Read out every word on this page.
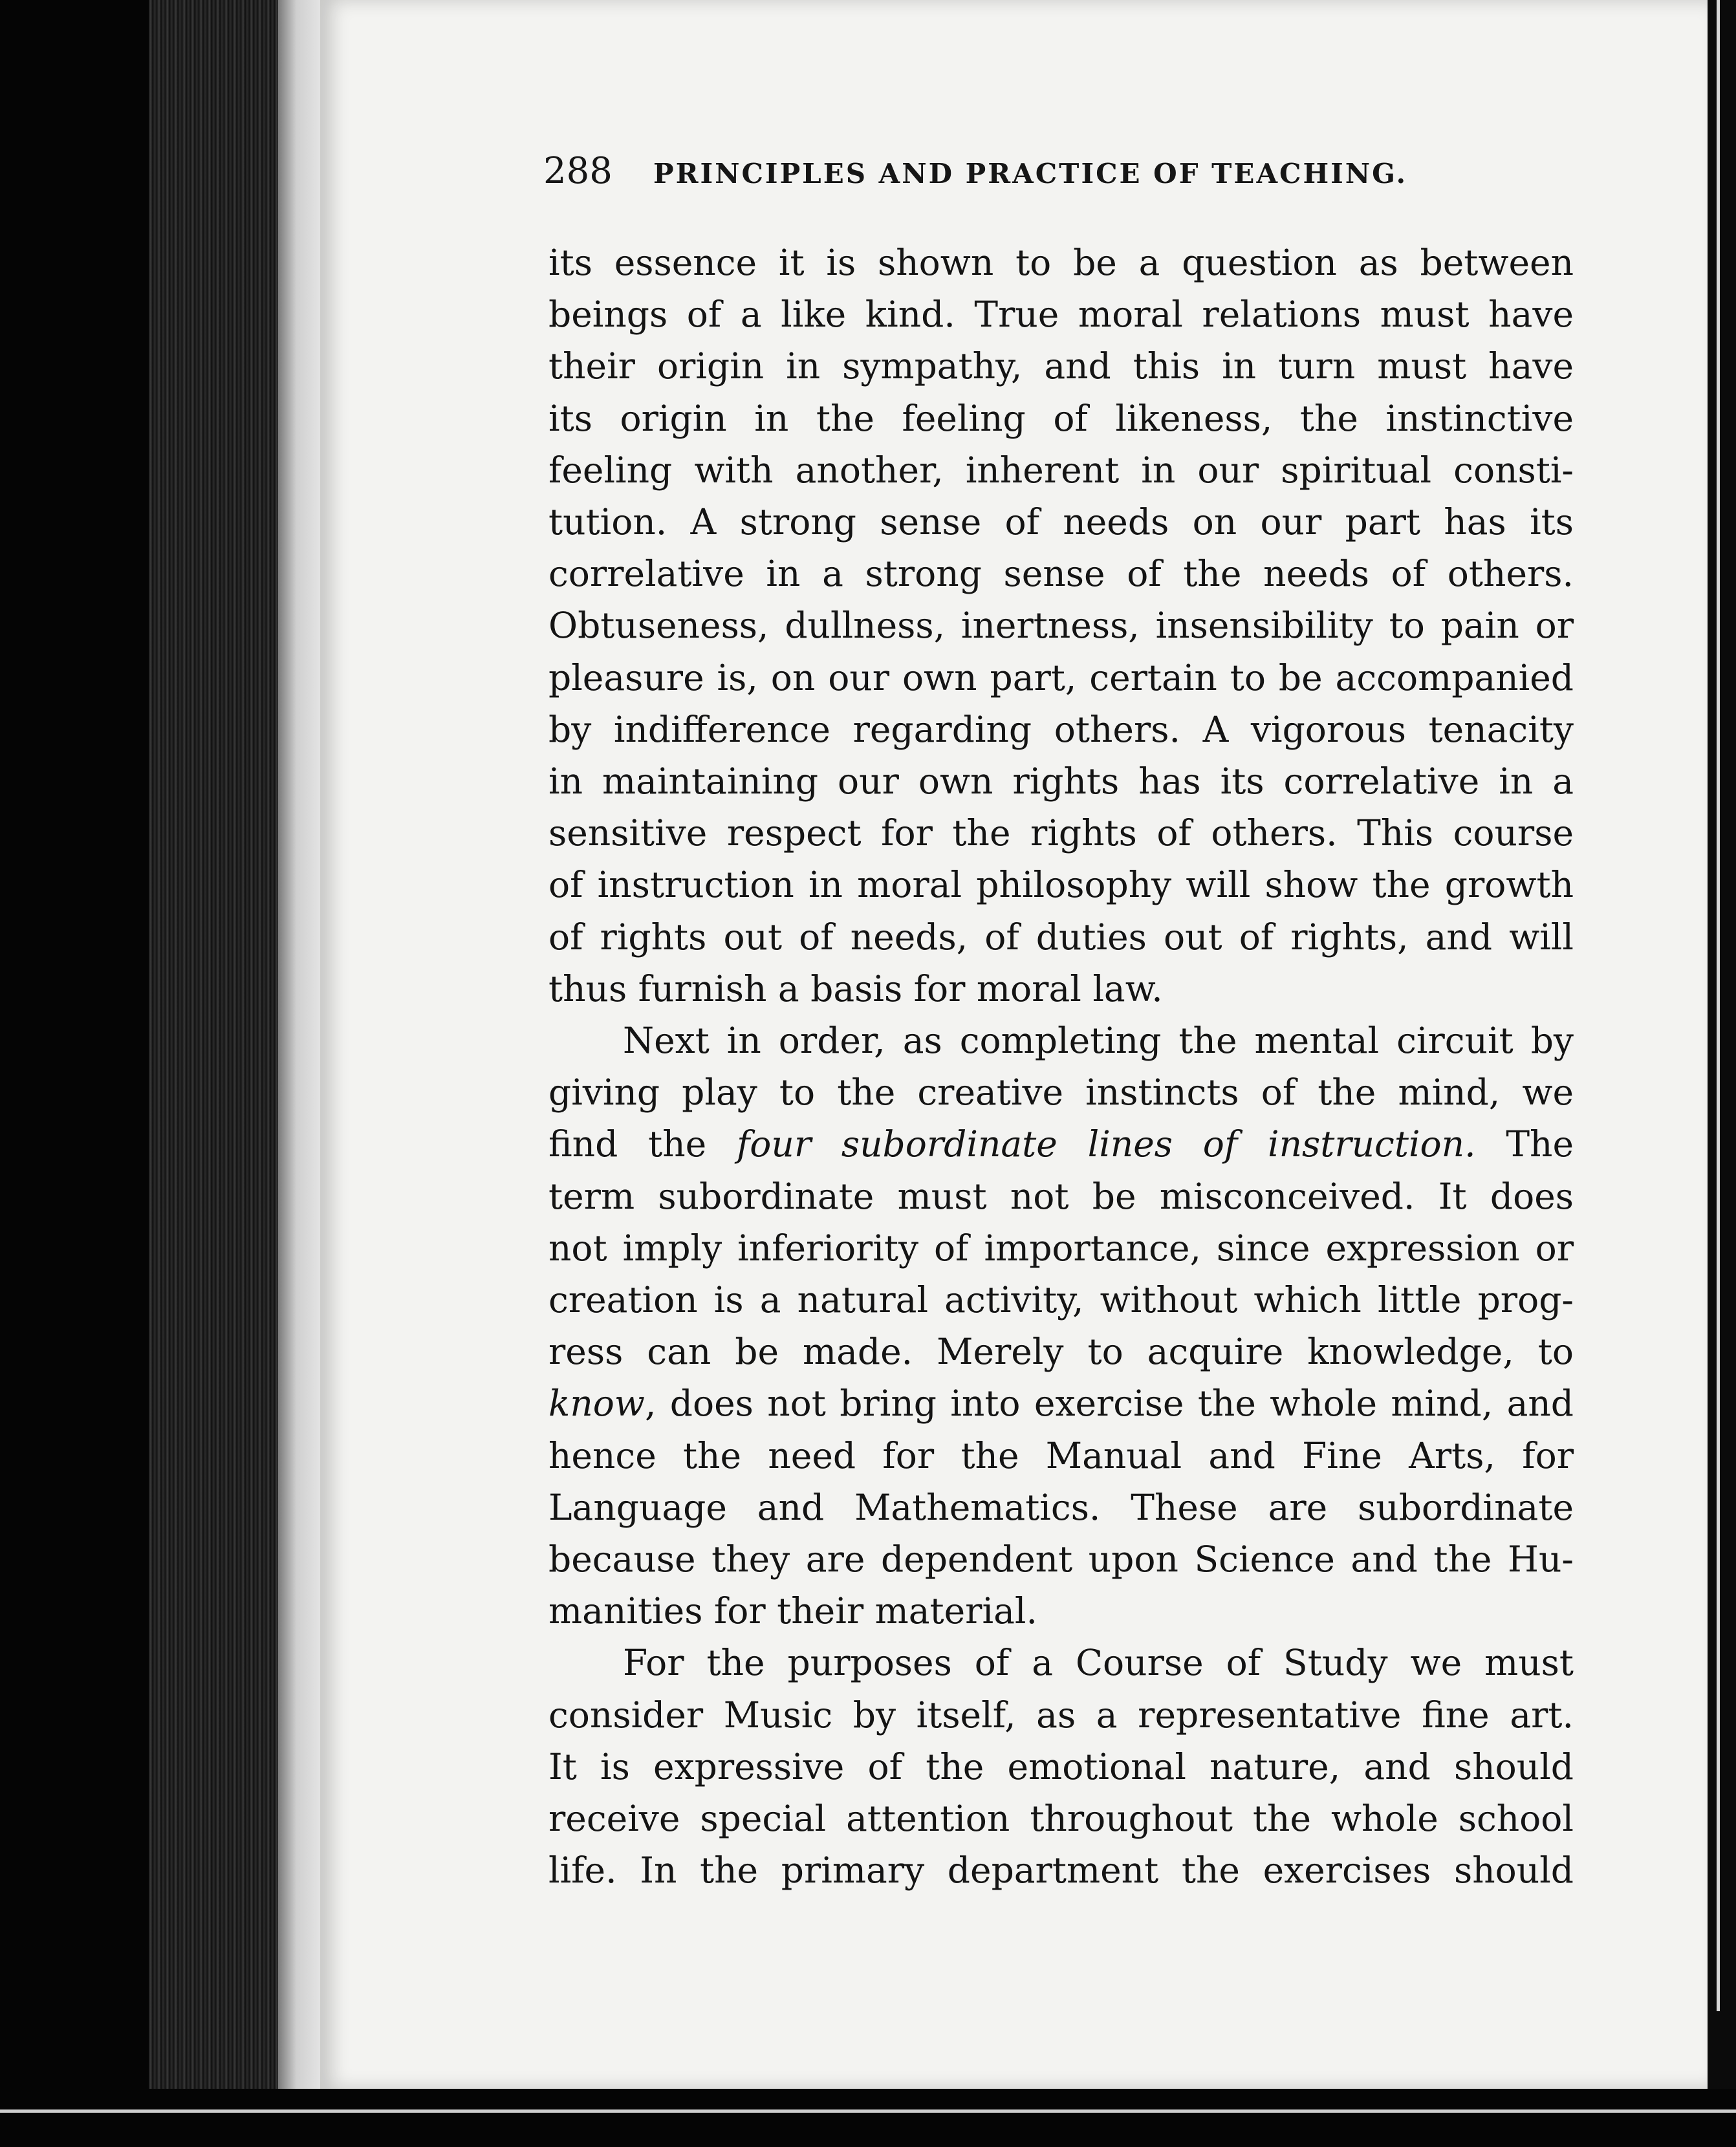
288 PRINCIPLES AND PRACTICE OF TEACHING.

its essence it is shown to be a question as between
beings of a like kind. True moral relations must have
their origin in sympathy, and this in turn must have
its origin in the feeling of likeness, the instinctive
feeling with another, inherent in our spiritual consti-
tution. A strong sense of needs on our part has its
correlative in a strong sense of the needs of others.
Obtuseness, dullness, inertness, insensibility to pain or
pleasure is, on our own part, certain to be accompanied
by indifference regarding others. A vigorous tenacity
in maintaining our own rights has its correlative in a
sensitive respect for the rights of others. This course
of instruction in moral philosophy will show the growth
of rights out of needs, of duties out of rights, and will
thus furnish a basis for moral law.

Next in order, as completing the mental circuit by
giving play to the creative instincts of the mind, we
find the four subordinate lines of instruction. The
term subordinate must not be misconceived. It does
not imply inferiority of importance, since expression or
creation is a natural activity, without which little prog-
ress can be made. Merely to acquire knowledge, to
know, does not bring into exercise the whole mind, and
hence the need for the Manual and Fine Arts, for
Language and Mathematics. These are subordinate
because they are dependent upon Science and the Hu-
manities for their material.

For the purposes of a Course of Study we must
consider Music by itself, as a representative fine art.
It is expressive of the emotional nature, and should
receive special attention throughout the whole school
life. In the primary department the exercises should
